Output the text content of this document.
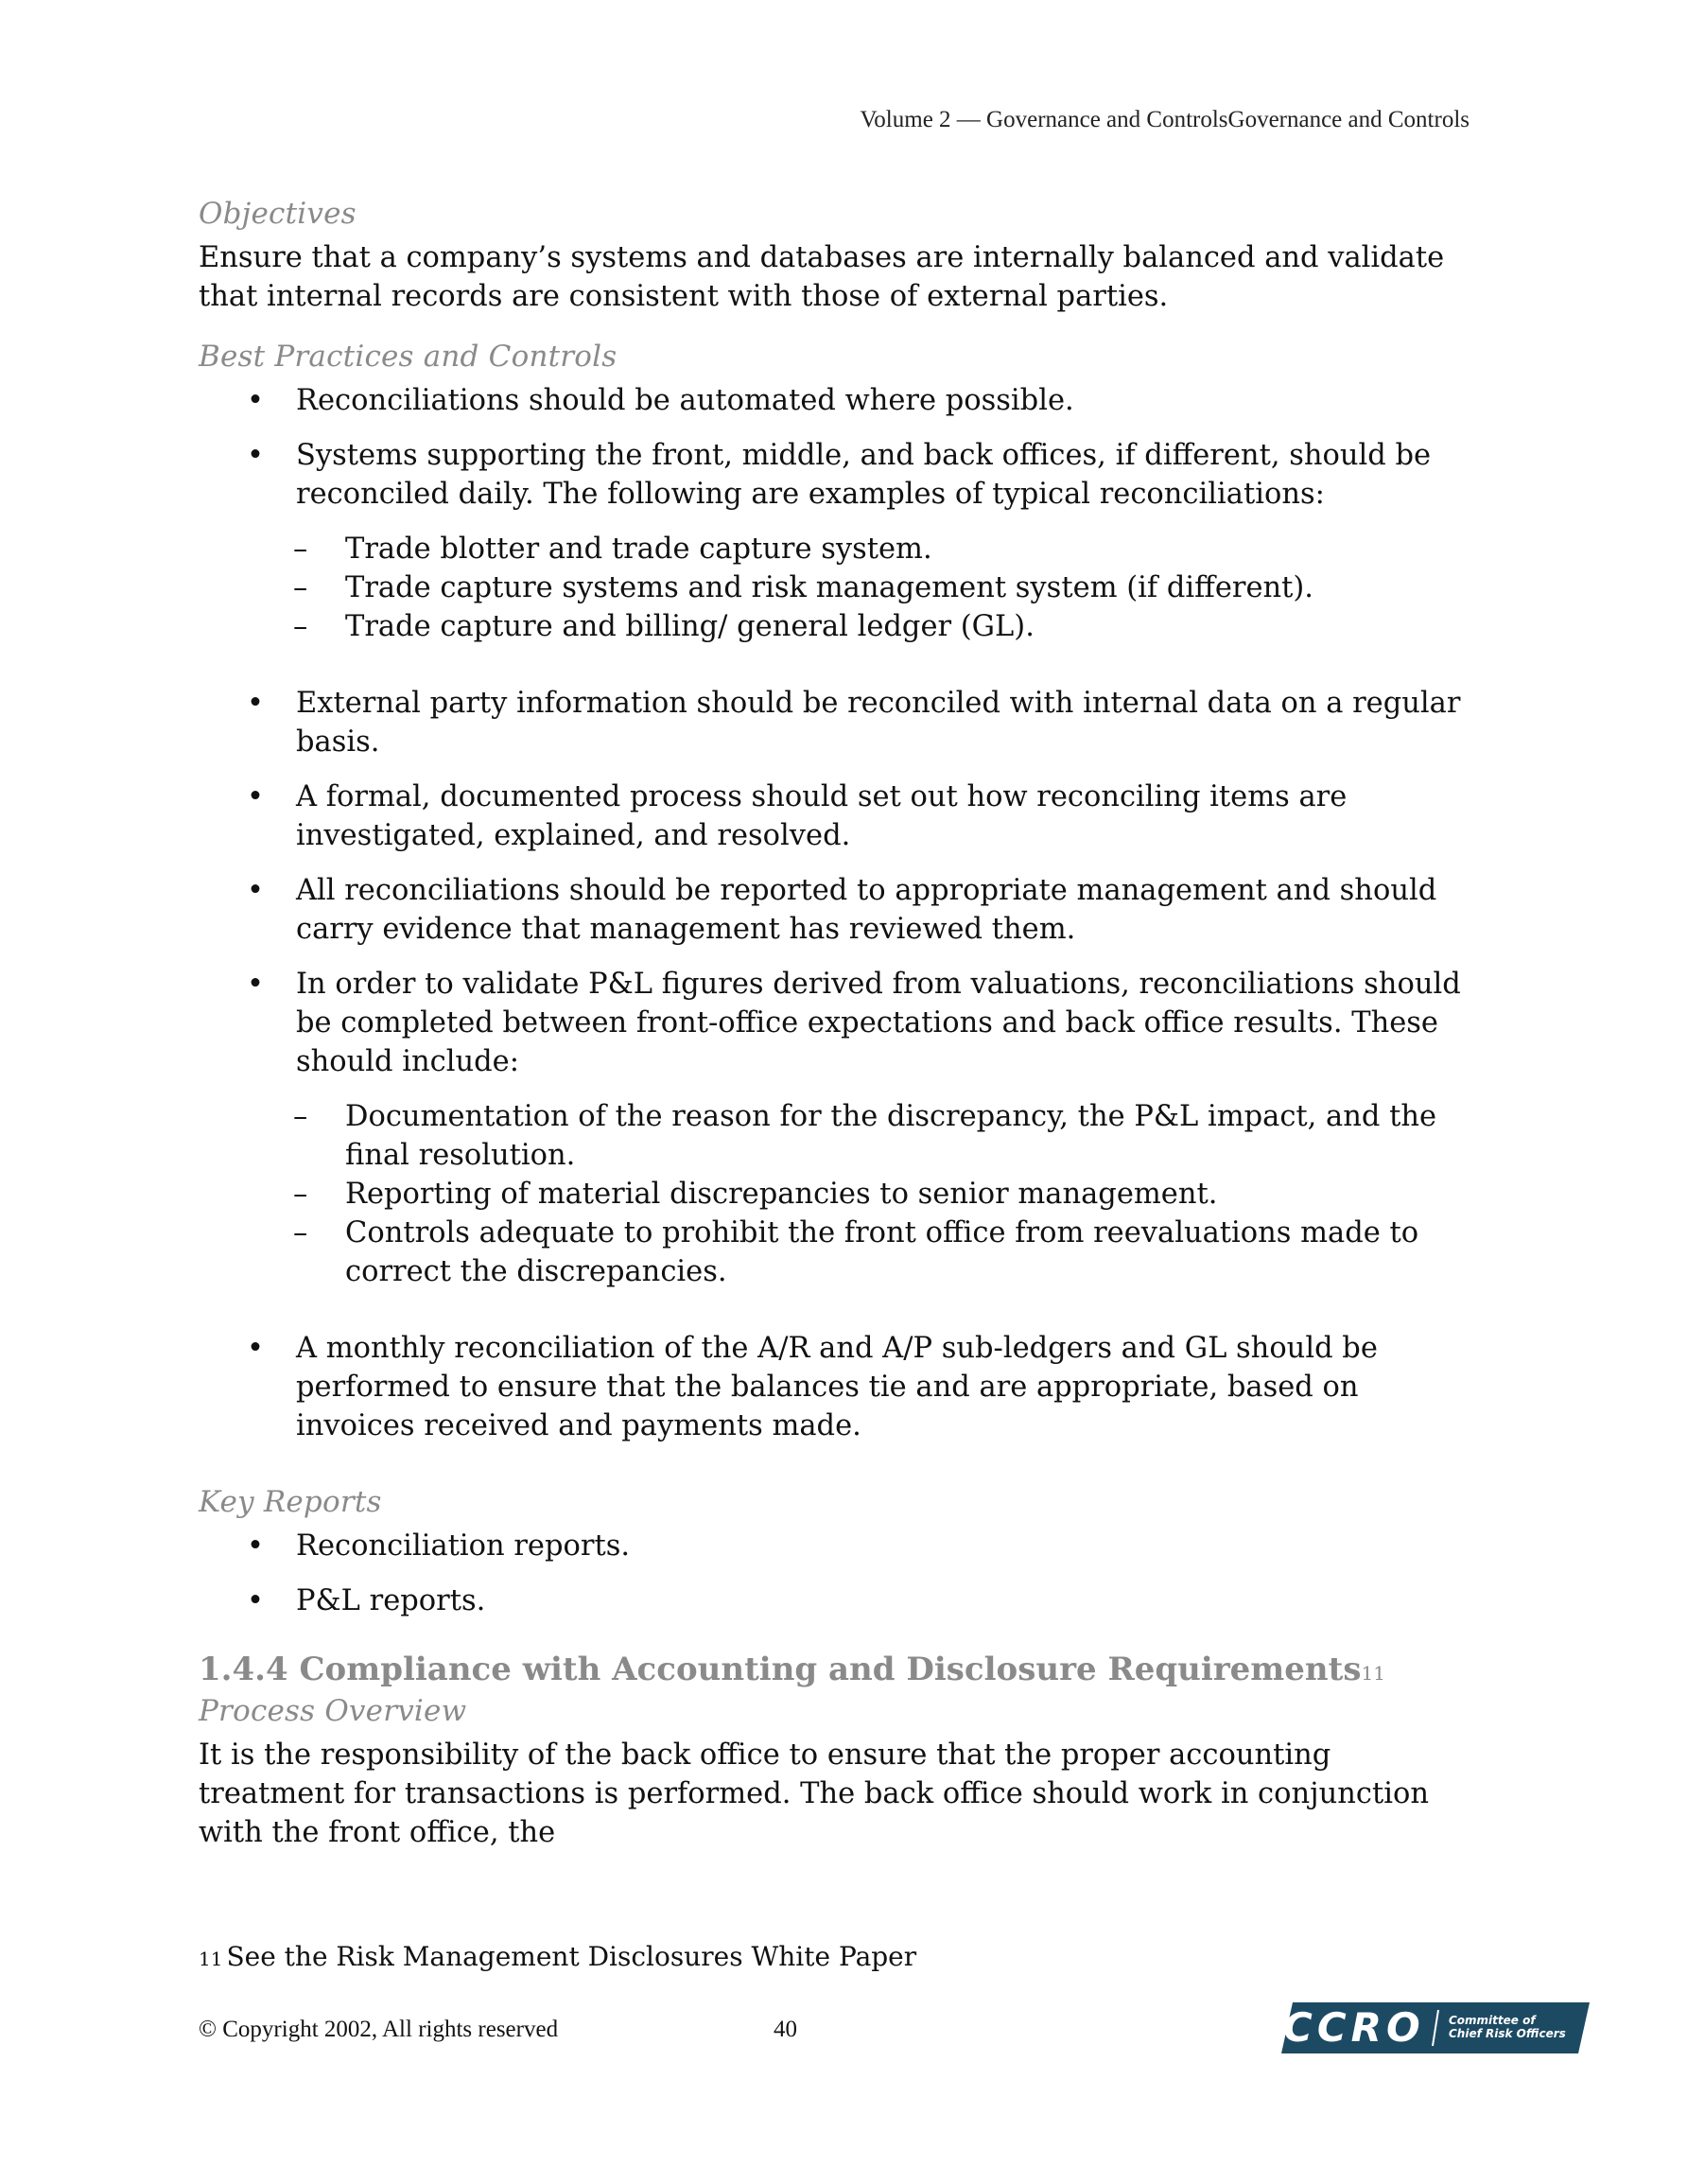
Volume 2 — Governance and ControlsGovernance and Controls

Objectives

Ensure that a company’s systems and databases are internally balanced and validate that internal records are consistent with those of external parties.

Best Practices and Controls

• Reconciliations should be automated where possible.
• Systems supporting the front, middle, and back offices, if different, should be reconciled daily. The following are examples of typical reconciliations:
– Trade blotter and trade capture system.
– Trade capture systems and risk management system (if different).
– Trade capture and billing/ general ledger (GL).
• External party information should be reconciled with internal data on a regular basis.
• A formal, documented process should set out how reconciling items are investigated, explained, and resolved.
• All reconciliations should be reported to appropriate management and should carry evidence that management has reviewed them.
• In order to validate P&L figures derived from valuations, reconciliations should be completed between front-office expectations and back office results. These should include:
– Documentation of the reason for the discrepancy, the P&L impact, and the final resolution.
– Reporting of material discrepancies to senior management.
– Controls adequate to prohibit the front office from reevaluations made to correct the discrepancies.
• A monthly reconciliation of the A/R and A/P sub-ledgers and GL should be performed to ensure that the balances tie and are appropriate, based on invoices received and payments made.

Key Reports

• Reconciliation reports.
• P&L reports.

1.4.4 Compliance with Accounting and Disclosure Requirements11

Process Overview

It is the responsibility of the back office to ensure that the proper accounting treatment for transactions is performed. The back office should work in conjunction with the front office, the

11 See the Risk Management Disclosures White Paper
© Copyright 2002, All rights reserved	40	CCRO Committee of
Chief Risk Officers
